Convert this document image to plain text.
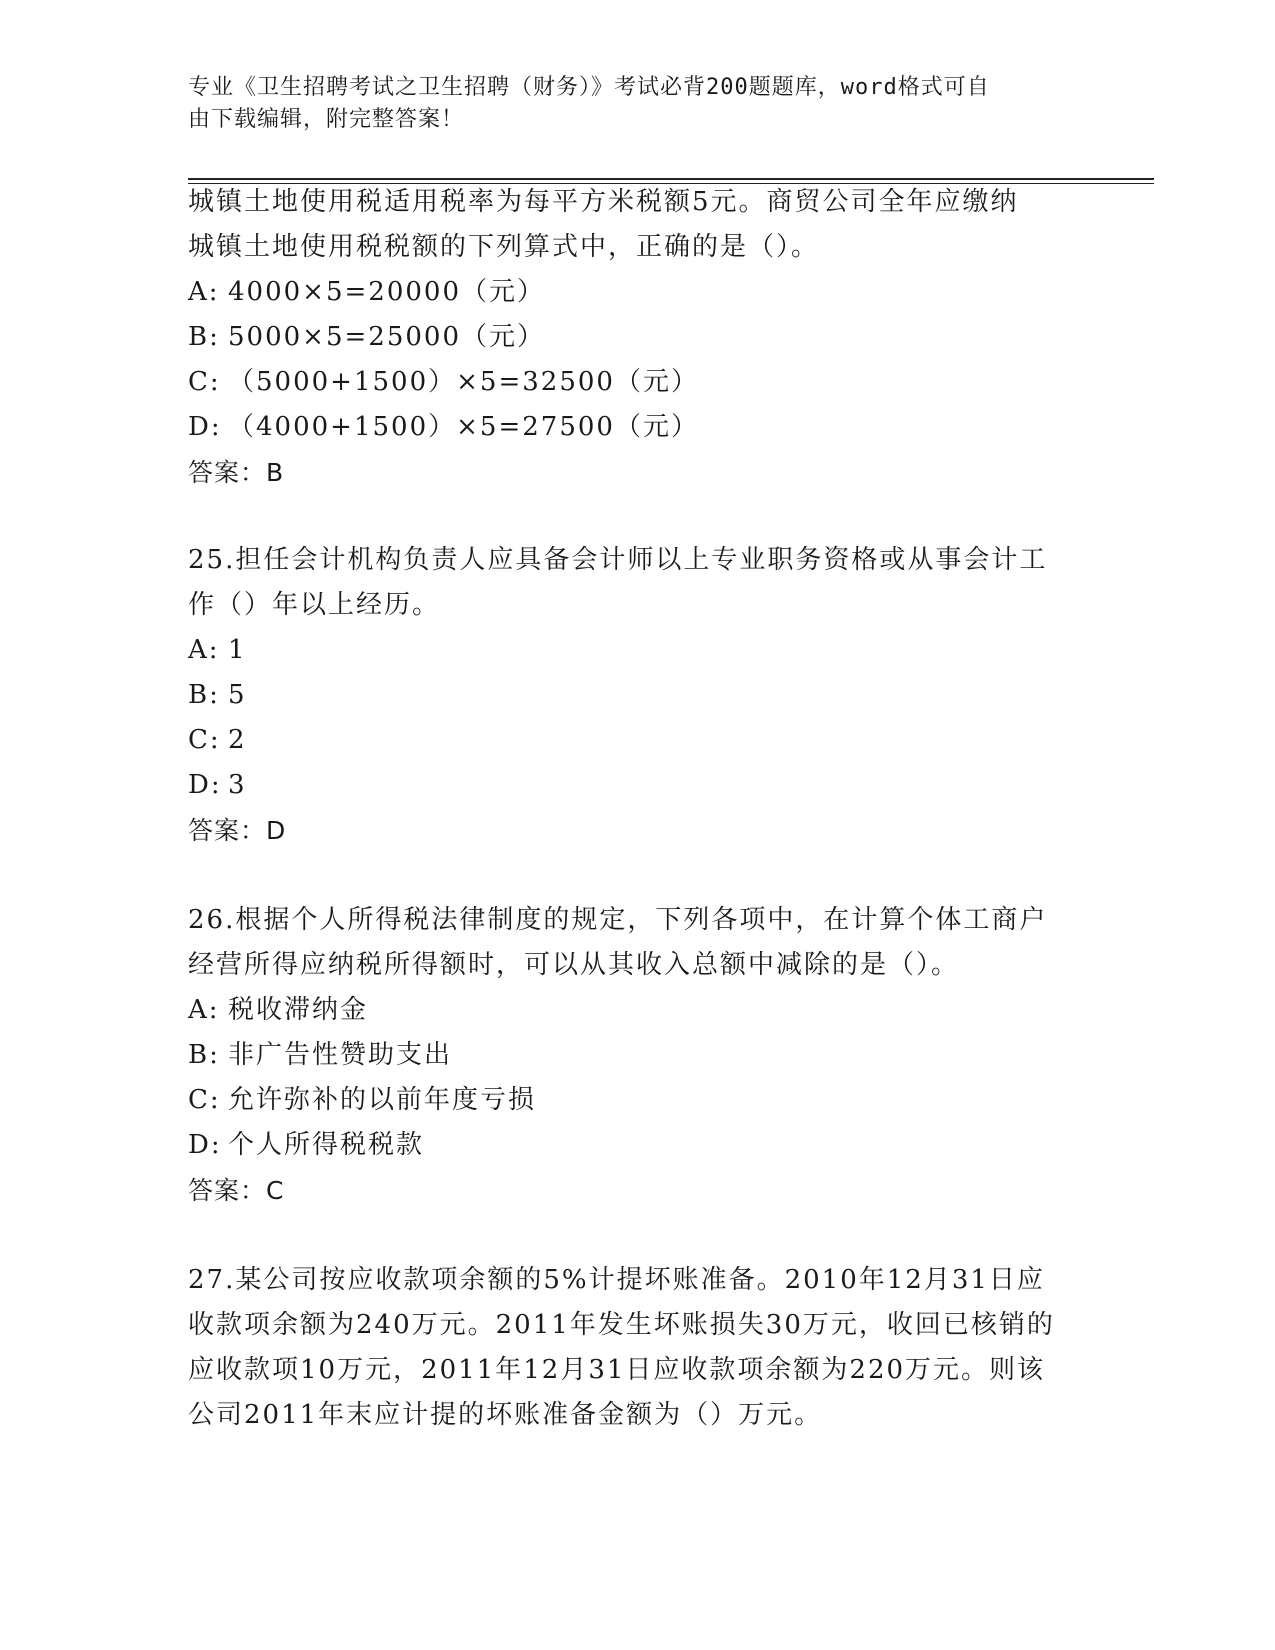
专业《卫生招聘考试之卫生招聘（财务）》考试必背200题题库，word格式可自
由下载编辑，附完整答案！
城镇土地使用税适用税率为每平方米税额5元。商贸公司全年应缴纳
城镇土地使用税税额的下列算式中，正确的是（）。
A: 4000×5=20000（元）
B: 5000×5=25000（元）
C: （5000+1500）×5=32500（元）
D: （4000+1500）×5=27500（元）
答案：B
25.担任会计机构负责人应具备会计师以上专业职务资格或从事会计工
作（）年以上经历。
A: 1
B: 5
C: 2
D: 3
答案：D
26.根据个人所得税法律制度的规定，下列各项中，在计算个体工商户
经营所得应纳税所得额时，可以从其收入总额中减除的是（）。
A: 税收滞纳金
B: 非广告性赞助支出
C: 允许弥补的以前年度亏损
D: 个人所得税税款
答案：C
27.某公司按应收款项余额的5%计提坏账准备。2010年12月31日应
收款项余额为240万元。2011年发生坏账损失30万元，收回已核销的
应收款项10万元，2011年12月31日应收款项余额为220万元。则该
公司2011年末应计提的坏账准备金额为（）万元。
